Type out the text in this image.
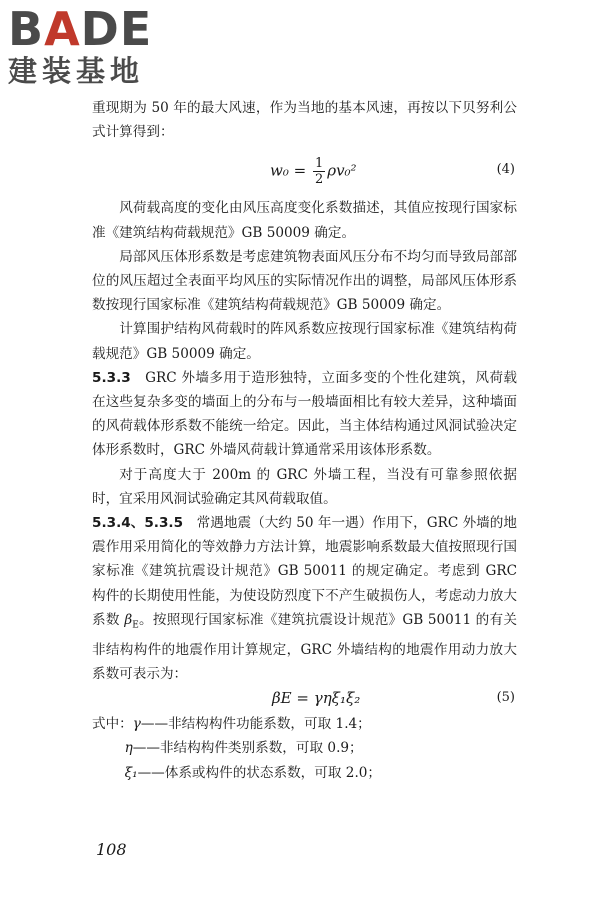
BADE
建装基地

重现期为 50 年的最大风速，作为当地的基本风速，再按以下贝努利公式计算得到：

$w_0 = \frac{1}{2} \rho v_0^2$	(4)

风荷载高度的变化由风压高度变化系数描述，其值应按现行国家标准《建筑结构荷载规范》GB 50009 确定。

局部风压体形系数是考虑建筑物表面风压分布不均匀而导致局部部位的风压超过全表面平均风压的实际情况作出的调整，局部风压体形系数按现行国家标准《建筑结构荷载规范》GB 50009 确定。

计算围护结构风荷载时的阵风系数应按现行国家标准《建筑结构荷载规范》GB 50009 确定。

5.3.3　 GRC 外墙多用于造形独特，立面多变的个性化建筑，风荷载在这些复杂多变的墙面上的分布与一般墙面相比有较大差异，这种墙面的风荷载体形系数不能统一给定。因此，当主体结构通过风洞试验决定体形系数时，GRC 外墙风荷载计算通常采用该体形系数。

对于高度大于 200m 的 GRC 外墙工程，当没有可靠参照依据时，宜采用风洞试验确定其风荷载取值。

5.3.4、5.3.5　 常遇地震（大约 50 年一遇）作用下，GRC 外墙的地震作用采用简化的等效静力方法计算，地震影响系数最大值按照现行国家标准《建筑抗震设计规范》GB 50011 的规定确定。考虑到 GRC 构件的长期使用性能，为使设防烈度下不产生破损伤人，考虑动力放大系数 $\beta_E$。按照现行国家标准《建筑抗震设计规范》GB 50011 的有关非结构构件的地震作用计算规定，GRC 外墙结构的地震作用动力放大系数可表示为：

βE = γηξ₁ξ₂	(5)

式中：γ——非结构构件功能系数，可取 1.4；

η——非结构构件类别系数，可取 0.9；

ξ₁——体系或构件的状态系数，可取 2.0；

108
